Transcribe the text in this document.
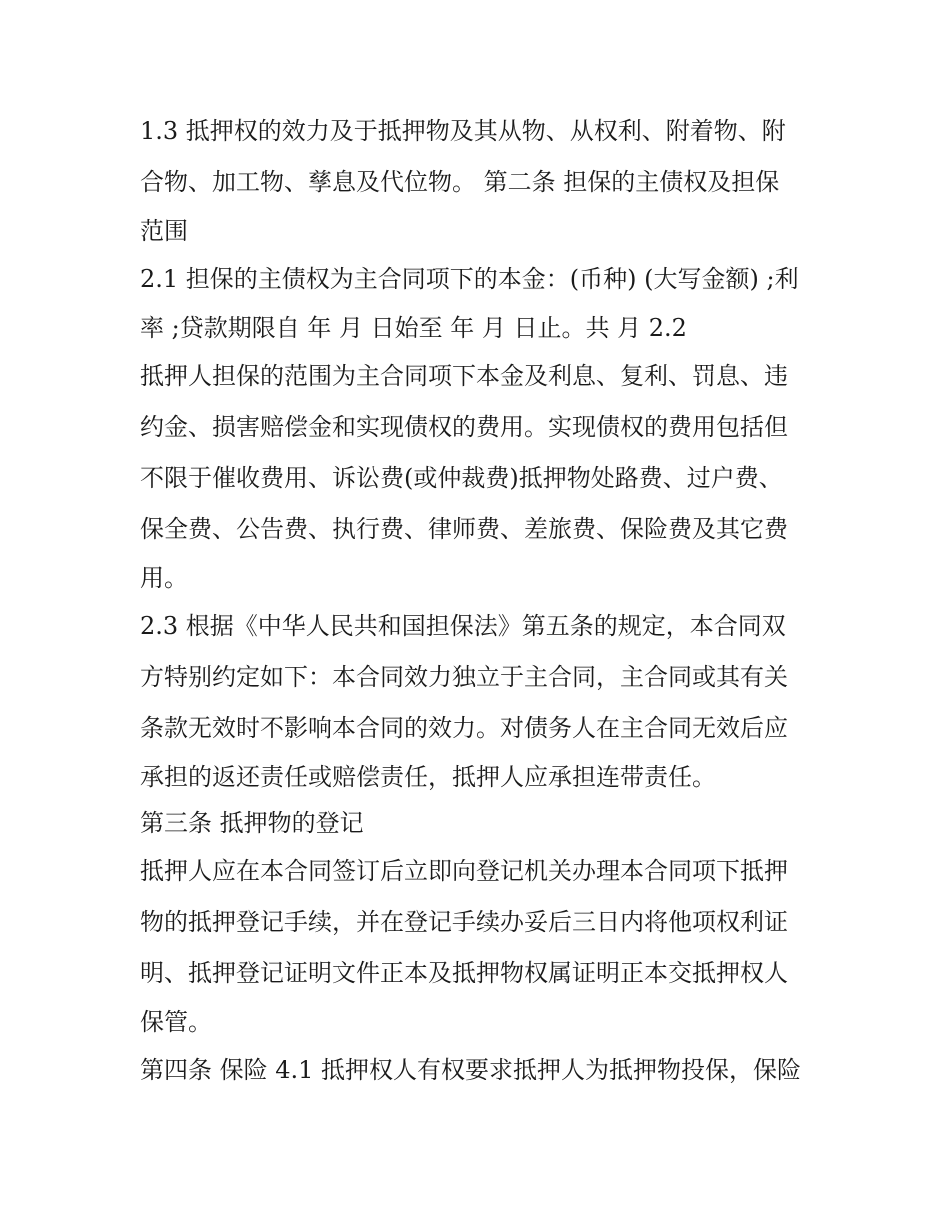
1.3 抵押权的效力及于抵押物及其从物、从权利、附着物、附
合物、加工物、孳息及代位物。 第二条 担保的主债权及担保
范围
2.1 担保的主债权为主合同项下的本金：(币种) (大写金额) ;利
率 ;贷款期限自 年 月 日始至 年 月 日止。共 月 2.2
抵押人担保的范围为主合同项下本金及利息、复利、罚息、违
约金、损害赔偿金和实现债权的费用。实现债权的费用包括但
不限于催收费用、诉讼费(或仲裁费)抵押物处路费、过户费、
保全费、公告费、执行费、律师费、差旅费、保险费及其它费
用。
2.3 根据《中华人民共和国担保法》第五条的规定，本合同双
方特别约定如下：本合同效力独立于主合同，主合同或其有关
条款无效时不影响本合同的效力。对债务人在主合同无效后应
承担的返还责任或赔偿责任，抵押人应承担连带责任。
第三条 抵押物的登记
抵押人应在本合同签订后立即向登记机关办理本合同项下抵押
物的抵押登记手续，并在登记手续办妥后三日内将他项权利证
明、抵押登记证明文件正本及抵押物权属证明正本交抵押权人
保管。
第四条 保险 4.1 抵押权人有权要求抵押人为抵押物投保，保险
